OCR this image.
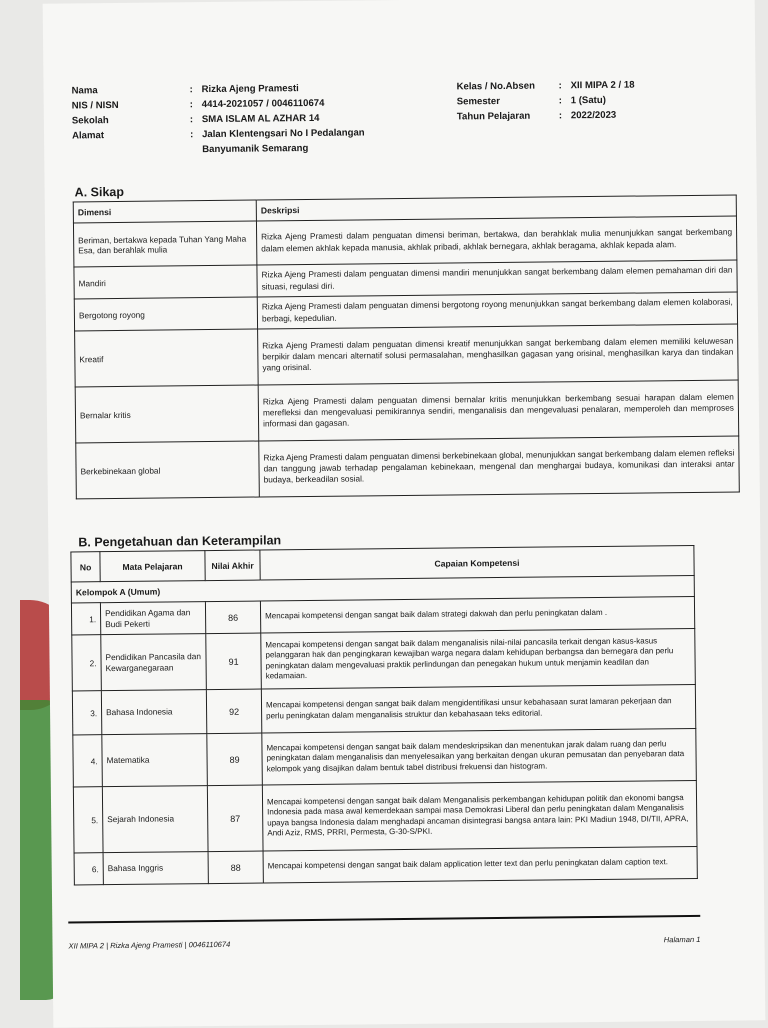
Nama	: Rizka Ajeng Pramesti
NIS / NISN	: 4414-2021057 / 0046110674
Sekolah	: SMA ISLAM AL AZHAR 14
Alamat	: Jalan Klentengsari No I Pedalangan Banyumanik Semarang
Kelas / No.Absen	: XII MIPA 2 / 18
Semester	: 1 (Satu)
Tahun Pelajaran	: 2022/2023
A. Sikap
Dimensi	Deskripsi
Beriman, bertakwa kepada Tuhan Yang Maha Esa, dan berahlak mulia	Rizka Ajeng Pramesti dalam penguatan dimensi beriman, bertakwa, dan berahklak mulia menunjukkan sangat berkembang dalam elemen akhlak kepada manusia, akhlak pribadi, akhlak bernegara, akhlak beragama, akhlak kepada alam.
Mandiri	Rizka Ajeng Pramesti dalam penguatan dimensi mandiri menunjukkan sangat berkembang dalam elemen pemahaman diri dan situasi, regulasi diri.
Bergotong royong	Rizka Ajeng Pramesti dalam penguatan dimensi bergotong royong menunjukkan sangat berkembang dalam elemen kolaborasi, berbagi, kepedulian.
Kreatif	Rizka Ajeng Pramesti dalam penguatan dimensi kreatif menunjukkan sangat berkembang dalam elemen memiliki keluwesan berpikir dalam mencari alternatif solusi permasalahan, menghasilkan gagasan yang orisinal, menghasilkan karya dan tindakan yang orisinal.
Bernalar kritis	Rizka Ajeng Pramesti dalam penguatan dimensi bernalar kritis menunjukkan berkembang sesuai harapan dalam elemen merefleksi dan mengevaluasi pemikirannya sendiri, menganalisis dan mengevaluasi penalaran, memperoleh dan memproses informasi dan gagasan.
Berkebinekaan global	Rizka Ajeng Pramesti dalam penguatan dimensi berkebinekaan global, menunjukkan sangat berkembang dalam elemen refleksi dan tanggung jawab terhadap pengalaman kebinekaan, mengenal dan menghargai budaya, komunikasi dan interaksi antar budaya, berkeadilan sosial.
B. Pengetahuan dan Keterampilan
No	Mata Pelajaran	Nilai Akhir	Capaian Kompetensi
Kelompok A (Umum)			
1.	Pendidikan Agama dan Budi Pekerti	86	Mencapai kompetensi dengan sangat baik dalam strategi dakwah dan perlu peningkatan dalam .
2.	Pendidikan Pancasila dan Kewarganegaraan	91	Mencapai kompetensi dengan sangat baik dalam menganalisis nilai-nilai pancasila terkait dengan kasus-kasus pelanggaran hak dan pengingkaran kewajiban warga negara dalam kehidupan berbangsa dan bernegara dan perlu peningkatan dalam mengevaluasi praktik perlindungan dan penegakan hukum untuk menjamin keadilan dan kedamaian.
3.	Bahasa Indonesia	92	Mencapai kompetensi dengan sangat baik dalam mengidentifikasi unsur kebahasaan surat lamaran pekerjaan dan perlu peningkatan dalam menganalisis struktur dan kebahasaan teks editorial.
4.	Matematika	89	Mencapai kompetensi dengan sangat baik dalam mendeskripsikan dan menentukan jarak dalam ruang dan perlu peningkatan dalam menganalisis dan menyelesaikan yang berkaitan dengan ukuran pemusatan dan penyebaran data kelompok yang disajikan dalam bentuk tabel distribusi frekuensi dan histogram.
5.	Sejarah Indonesia	87	Mencapai kompetensi dengan sangat baik dalam Menganalisis perkembangan kehidupan politik dan ekonomi bangsa Indonesia pada masa awal kemerdekaan sampai masa Demokrasi Liberal dan perlu peningkatan dalam Menganalisis upaya bangsa Indonesia dalam menghadapi ancaman disintegrasi bangsa antara lain: PKI Madiun 1948, DI/TII, APRA, Andi Aziz, RMS, PRRI, Permesta, G-30-S/PKI.
6.	Bahasa Inggris	88	Mencapai kompetensi dengan sangat baik dalam application letter text dan perlu peningkatan dalam caption text.
XII MIPA 2 | Rizka Ajeng Pramesti | 0046110674
Halaman 1
